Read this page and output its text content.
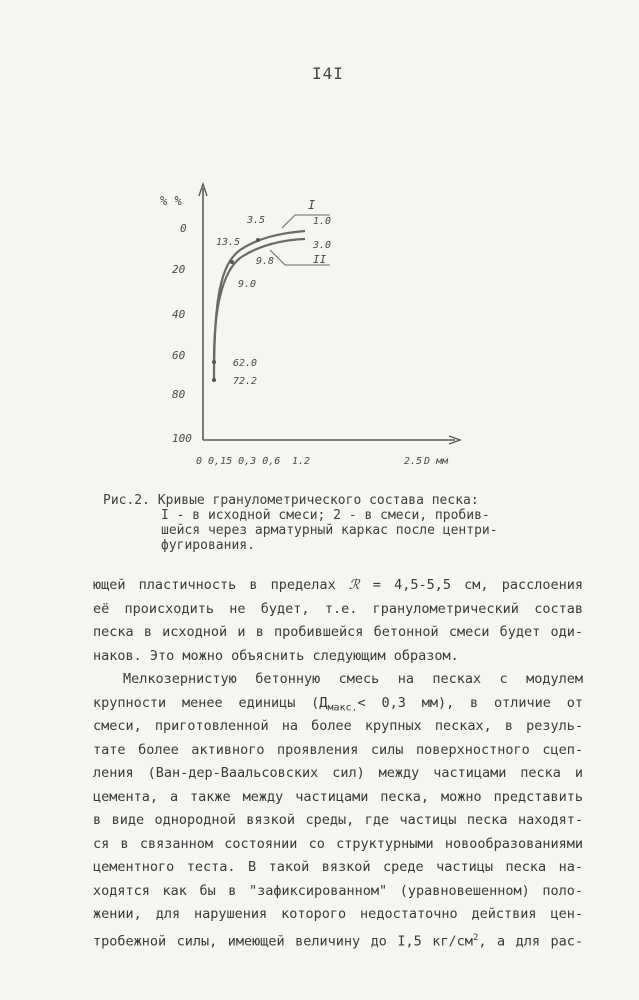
I4I
% %
0
20
40
60
80
100
0 0,15 0,3 0,6 1.2	2.5 D мм
13.5
3.5
9.8
9.0
62.0
72.2
1.0
3.0
I
II
Рис.2. Кривые гранулометрического состава песка:
I - в исходной смеси; 2 - в смеси, пробив-
шейся через арматурный каркас после центри-
фугирования.
ющей пластичность в пределах ℛ = 4,5-5,5 см, расслоения
её происходить не будет, т.е. гранулометрический состав
песка в исходной и в пробившейся бетонной смеси будет оди-
наков. Это можно объяснить следующим образом.
Мелкозернистую бетонную смесь на песках с модулем
крупности менее единицы ($Д_{макс.}< 0,3$ мм), в отличие от
смеси, приготовленной на более крупных песках, в резуль-
тате более активного проявления силы поверхностного сцеп-
ления (Ван-дер-Ваальсовских сил) между частицами песка и
цемента, а также между частицами песка, можно представить
в виде однородной вязкой среды, где частицы песка находят-
ся в связанном состоянии со структурными новообразованиями
цементного теста. В такой вязкой среде частицы песка на-
ходятся как бы в "зафиксированном" (уравновешенном) поло-
жении, для нарушения которого недостаточно действия цен-
тробежной силы, имеющей величину до I,5 $кг/см^2$, а для рас-
